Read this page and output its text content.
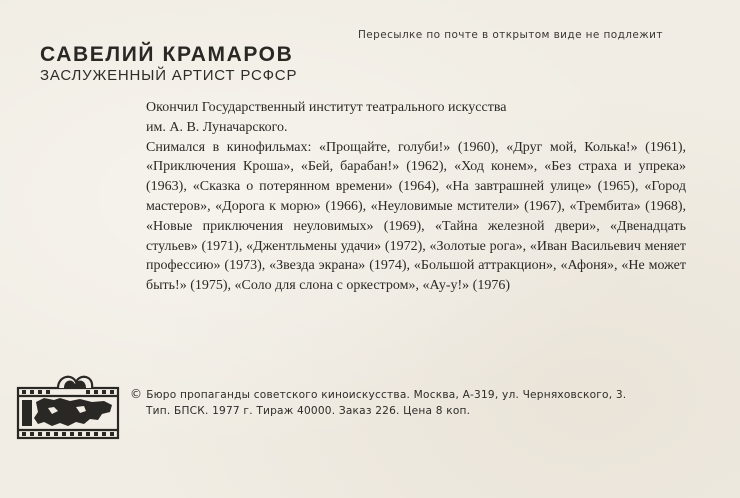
Пересылке по почте в открытом виде не подлежит
САВЕЛИЙ КРАМАРОВ
ЗАСЛУЖЕННЫЙ АРТИСТ РСФСР

Окончил Государственный институт театрального искусства
им. А. В. Луначарского.

Снимался в кинофильмах: «Прощайте, голуби!» (1960), «Друг мой, Колька!» (1961), «Приключения Кроша», «Бей, барабан!» (1962), «Ход конем», «Без страха и упрека» (1963), «Сказка о потерянном времени» (1964), «На завтрашней улице» (1965), «Город мастеров», «Дорога к морю» (1966), «Неуловимые мстители» (1967), «Трембита» (1968), «Новые приключения неуловимых» (1969), «Тайна железной двери», «Двенадцать стульев» (1971), «Джентльмены удачи» (1972), «Золотые рога», «Иван Васильевич меняет профессию» (1973), «Звезда экрана» (1974), «Большой аттракцион», «Афоня», «Не может быть!» (1975), «Соло для слона с оркестром», «Ау-у!» (1976)

© Бюро пропаганды советского киноискусства. Москва, А-319, ул. Черняховского, 3.
Тип. БПСК. 1977 г. Тираж 40000. Заказ 226. Цена 8 коп.
